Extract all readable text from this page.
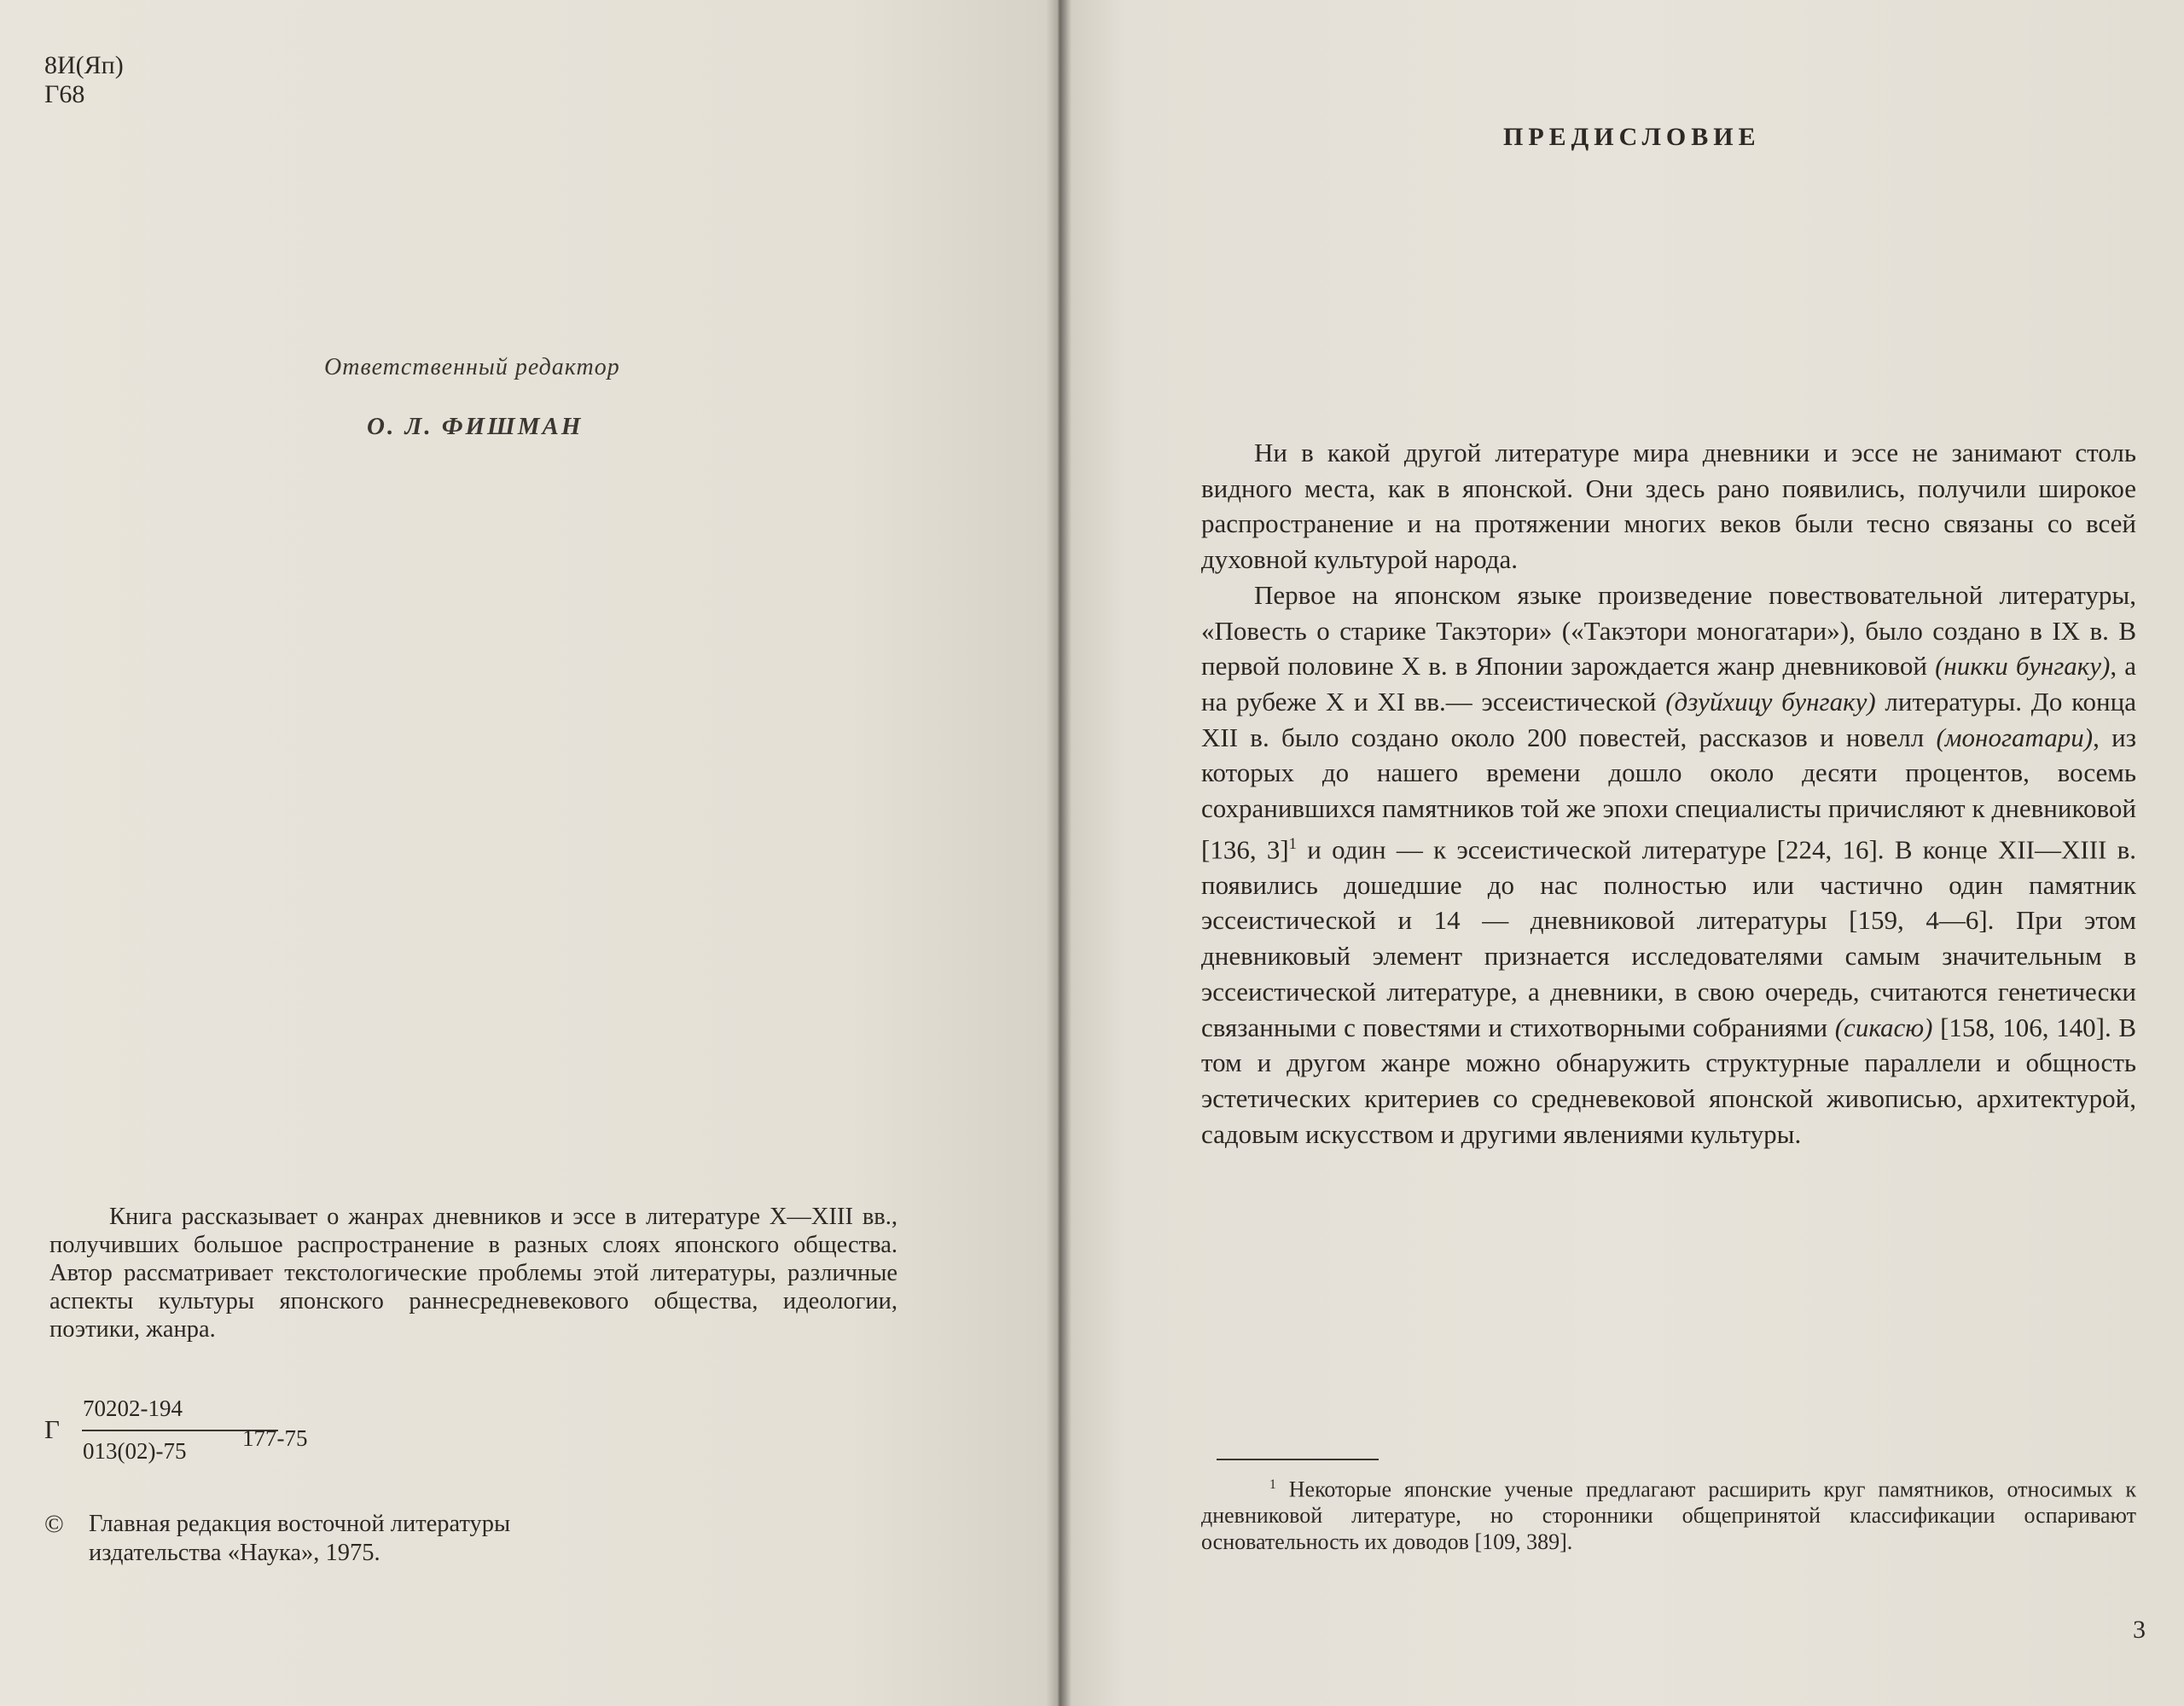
8И(Яп)
Г68
Ответственный редактор
О. Л. ФИШМАН

Книга рассказывает о жанрах дневников и эссе в литературе X—XIII вв., получивших большое распространение в разных слоях японского общества. Автор рассматривает текстологические проблемы этой литературы, различные аспекты культуры японского раннесредневекового общества, идеологии, поэтики, жанра.

Г
70202-194
013(02)-75 177-75
© Главная редакция восточной литературы
издательства «Наука», 1975.
ПРЕДИСЛОВИЕ

Ни в какой другой литературе мира дневники и эссе не занимают столь видного места, как в японской. Они здесь рано появились, получили широкое распространение и на протяжении многих веков были тесно связаны со всей духовной культурой народа.

Первое на японском языке произведение повествовательной литературы, «Повесть о старике Такэтори» («Такэтори моногатари»), было создано в IX в. В первой половине X в. в Японии зарождается жанр дневниковой (никки бунгаку), а на рубеже X и XI вв.— эссеистической (дзуйхицу бунгаку) литературы. До конца XII в. было создано около 200 повестей, рассказов и новелл (моногатари), из которых до нашего времени дошло около десяти процентов, восемь сохранившихся памятников той же эпохи специалисты причисляют к дневниковой [136, 3]$^1$ и один — к эссеистической литературе [224, 16]. В конце XII—XIII в. появились дошедшие до нас полностью или частично один памятник эссеистической и 14 — дневниковой литературы [159, 4—6]. При этом дневниковый элемент признается исследователями самым значительным в эссеистической литературе, а дневники, в свою очередь, считаются генетически связанными с повестями и стихотворными собраниями (сикасю) [158, 106, 140]. В том и другом жанре можно обнаружить структурные параллели и общность эстетических критериев со средневековой японской живописью, архитектурой, садовым искусством и другими явлениями культуры.

$^1$ Некоторые японские ученые предлагают расширить круг памятников, относимых к дневниковой литературе, но сторонники общепринятой классификации оспаривают основательность их доводов [109, 389].

3
